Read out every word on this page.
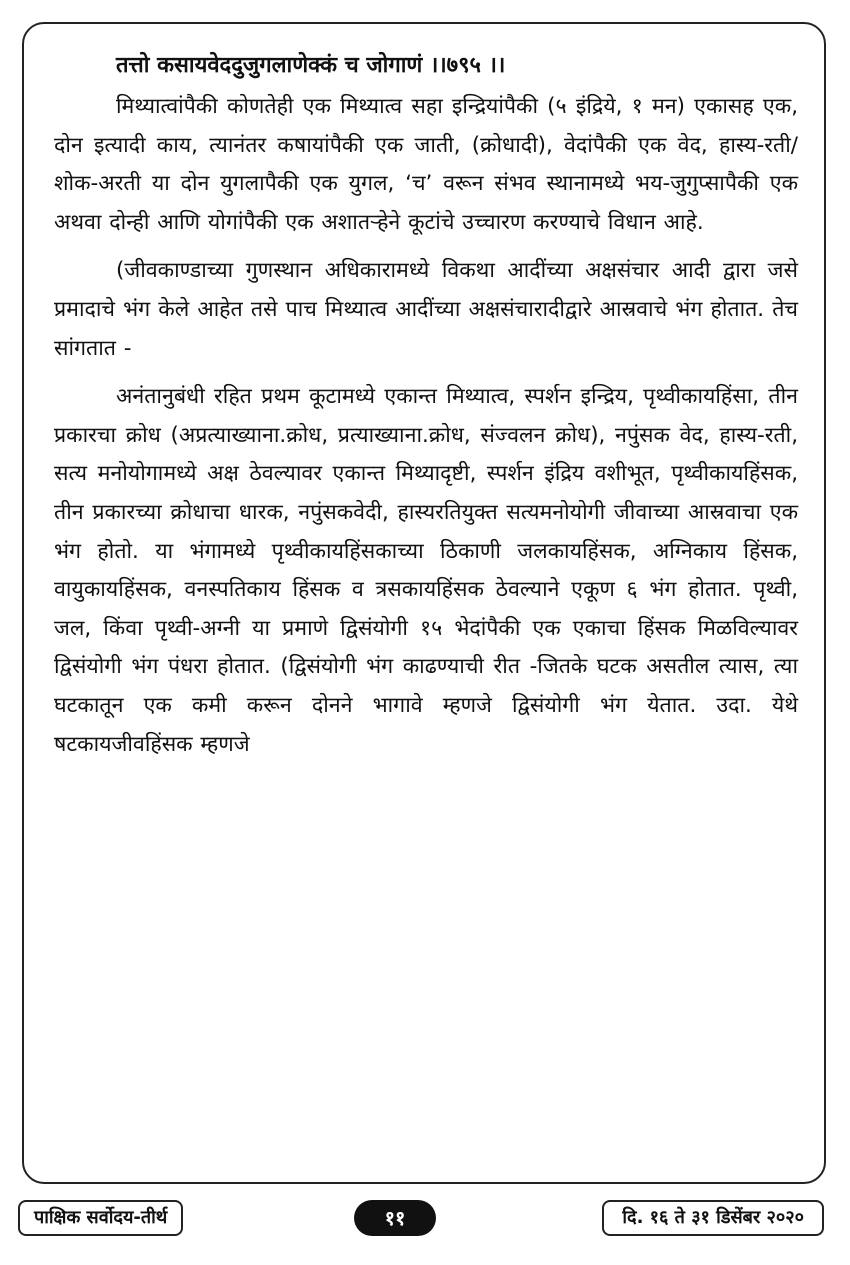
तत्तो कसायवेददुजुगलाणेक्कं च जोगाणं ।।७९५ ।।

मिथ्यात्वांपैकी कोणतेही एक मिथ्यात्व सहा इन्द्रियांपैकी (५ इंद्रिये, १ मन) एकासह एक, दोन इत्यादी काय, त्यानंतर कषायांपैकी एक जाती, (क्रोधादी), वेदांपैकी एक वेद, हास्य-रती/शोक-अरती या दोन युगलापैकी एक युगल, ‘च’ वरून संभव स्थानामध्ये भय-जुगुप्सापैकी एक अथवा दोन्ही आणि योगांपैकी एक अशातऱ्हेने कूटांचे उच्चारण करण्याचे विधान आहे.

(जीवकाण्डाच्या गुणस्थान अधिकारामध्ये विकथा आदींच्या अक्षसंचार आदी द्वारा जसे प्रमादाचे भंग केले आहेत तसे पाच मिथ्यात्व आदींच्या अक्षसंचारादीद्वारे आस्रवाचे भंग होतात. तेच सांगतात -

अनंतानुबंधी रहित प्रथम कूटामध्ये एकान्त मिथ्यात्व, स्पर्शन इन्द्रिय, पृथ्वीकायहिंसा, तीन प्रकारचा क्रोध (अप्रत्याख्याना.क्रोध, प्रत्याख्याना.क्रोध, संज्वलन क्रोध), नपुंसक वेद, हास्य-रती, सत्य मनोयोगामध्ये अक्ष ठेवल्यावर एकान्त मिथ्यादृष्टी, स्पर्शन इंद्रिय वशीभूत, पृथ्वीकायहिंसक, तीन प्रकारच्या क्रोधाचा धारक, नपुंसकवेदी, हास्यरतियुक्त सत्यमनोयोगी जीवाच्या आस्रवाचा एक भंग होतो. या भंगामध्ये पृथ्वीकायहिंसकाच्या ठिकाणी जलकायहिंसक, अग्निकाय हिंसक, वायुकायहिंसक, वनस्पतिकाय हिंसक व त्रसकायहिंसक ठेवल्याने एकूण ६ भंग होतात. पृथ्वी, जल, किंवा पृथ्वी-अग्नी या प्रमाणे द्विसंयोगी १५ भेदांपैकी एक एकाचा हिंसक मिळविल्यावर द्विसंयोगी भंग पंधरा होतात. (द्विसंयोगी भंग काढण्याची रीत -जितके घटक असतील त्यास, त्या घटकातून एक कमी करून दोनने भागावे म्हणजे द्विसंयोगी भंग येतात. उदा. येथे षटकायजीवहिंसक म्हणजे

पाक्षिक सर्वोदय-तीर्थ	११	दि. १६ ते ३१ डिसेंबर २०२०
